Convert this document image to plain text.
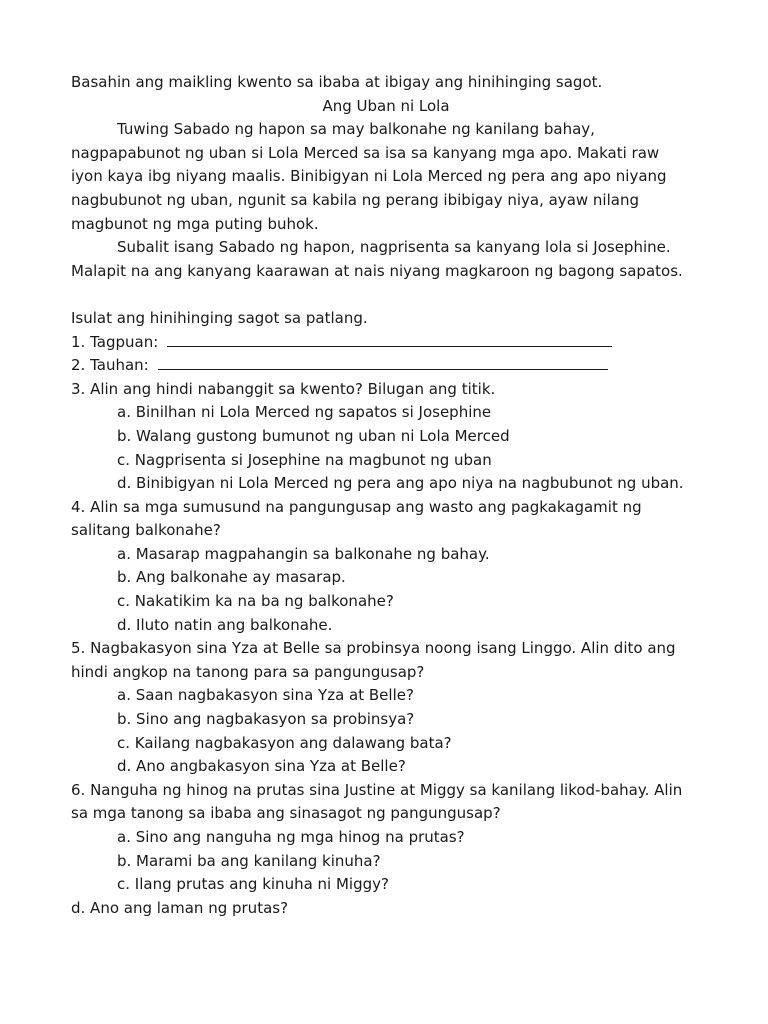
Basahin ang maikling kwento sa ibaba at ibigay ang hinihinging sagot.
Ang Uban ni Lola
Tuwing Sabado ng hapon sa may balkonahe ng kanilang bahay,
nagpapabunot ng uban si Lola Merced sa isa sa kanyang mga apo. Makati raw
iyon kaya ibg niyang maalis. Binibigyan ni Lola Merced ng pera ang apo niyang
nagbubunot ng uban, ngunit sa kabila ng perang ibibigay niya, ayaw nilang
magbunot ng mga puting buhok.
Subalit isang Sabado ng hapon, nagprisenta sa kanyang lola si Josephine.
Malapit na ang kanyang kaarawan at nais niyang magkaroon ng bagong sapatos.
Isulat ang hinihinging sagot sa patlang.
1. Tagpuan:
2. Tauhan:
3. Alin ang hindi nabanggit sa kwento? Bilugan ang titik.
a. Binilhan ni Lola Merced ng sapatos si Josephine
b. Walang gustong bumunot ng uban ni Lola Merced
c. Nagprisenta si Josephine na magbunot ng uban
d. Binibigyan ni Lola Merced ng pera ang apo niya na nagbubunot ng uban.
4. Alin sa mga sumusund na pangungusap ang wasto ang pagkakagamit ng
salitang balkonahe?
a. Masarap magpahangin sa balkonahe ng bahay.
b. Ang balkonahe ay masarap.
c. Nakatikim ka na ba ng balkonahe?
d. Iluto natin ang balkonahe.
5. Nagbakasyon sina Yza at Belle sa probinsya noong isang Linggo. Alin dito ang
hindi angkop na tanong para sa pangungusap?
a. Saan nagbakasyon sina Yza at Belle?
b. Sino ang nagbakasyon sa probinsya?
c. Kailang nagbakasyon ang dalawang bata?
d. Ano angbakasyon sina Yza at Belle?
6. Nanguha ng hinog na prutas sina Justine at Miggy sa kanilang likod-bahay. Alin
sa mga tanong sa ibaba ang sinasagot ng pangungusap?
a. Sino ang nanguha ng mga hinog na prutas?
b. Marami ba ang kanilang kinuha?
c. Ilang prutas ang kinuha ni Miggy?
d. Ano ang laman ng prutas?
